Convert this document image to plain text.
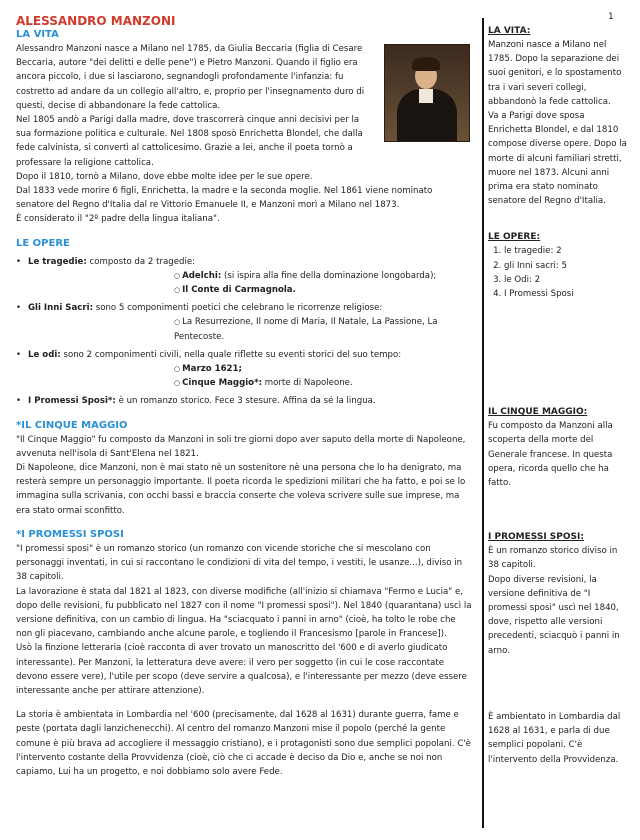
1
ALESSANDRO MANZONI
LA VITA

Alessandro Manzoni nasce a Milano nel 1785, da Giulia Beccaria (figlia di Cesare Beccaria, autore "dei delitti e delle pene") e Pietro Manzoni. Quando il figlio era ancora piccolo, i due si lasciarono, segnandogli profondamente l'infanzia: fu costretto ad andare da un collegio all'altro, e, proprio per l'insegnamento duro di questi, decise di abbandonare la fede cattolica.

Nel 1805 andò a Parigi dalla madre, dove trascorrerà cinque anni decisivi per la sua formazione politica e culturale. Nel 1808 sposò Enrichetta Blondel, che dalla fede calvinista, si convertì al cattolicesimo. Grazie a lei, anche il poeta tornò a professare la religione cattolica.

Dopo il 1810, tornò a Milano, dove ebbe molte idee per le sue opere.

Dal 1833 vede morire 6 figli, Enrichetta, la madre e la seconda moglie. Nel 1861 viene nominato senatore del Regno d'Italia dal re Vittorio Emanuele II, e Manzoni morì a Milano nel 1873.

È considerato il "2º padre della lingua italiana".

LE OPERE
• Le tragedie: composto da 2 tragedie:
○ Adelchi: (si ispira alla fine della dominazione longobarda);
○ Il Conte di Carmagnola.
• Gli Inni Sacri: sono 5 componimenti poetici che celebrano le ricorrenze religiose:
○ La Resurrezione, Il nome di Maria, Il Natale, La Passione, La Pentecoste.
• Le odi: sono 2 componimenti civili, nella quale riflette su eventi storici del suo tempo:
○ Marzo 1621;
○ Cinque Maggio*: morte di Napoleone.
• I Promessi Sposi*: è un romanzo storico. Fece 3 stesure. Affina da sé la lingua.
*IL CINQUE MAGGIO

"Il Cinque Maggio" fu composto da Manzoni in soli tre giorni dopo aver saputo della morte di Napoleone, avvenuta nell'isola di Sant'Elena nel 1821.

Di Napoleone, dice Manzoni, non è mai stato nè un sostenitore nè una persona che lo ha denigrato, ma resterà sempre un personaggio importante. Il poeta ricorda le spedizioni militari che ha fatto, e poi se lo immagina sulla scrivania, con occhi bassi e braccia conserte che voleva scrivere sulle sue imprese, ma era stato ormai sconfitto.

*I PROMESSI SPOSI

"I promessi sposi" è un romanzo storico (un romanzo con vicende storiche che si mescolano con personaggi inventati, in cui si raccontano le condizioni di vita del tempo, i vestiti, le usanze...), diviso in 38 capitoli.

La lavorazione è stata dal 1821 al 1823, con diverse modifiche (all'inizio si chiamava "Fermo e Lucia" e, dopo delle revisioni, fu pubblicato nel 1827 con il nome "I promessi sposi"). Nel 1840 (quarantana) uscì la versione definitiva, con un cambio di lingua. Ha "sciacquato i panni in arno" (cioè, ha tolto le robe che non gli piacevano, cambiando anche alcune parole, e togliendo il Francesismo [parole in Francese]).

Usò la finzione letteraria (cioè racconta di aver trovato un manoscritto del '600 e di averlo giudicato interessante). Per Manzoni, la letteratura deve avere: il vero per soggetto (in cui le cose raccontate devono essere vere), l'utile per scopo (deve servire a qualcosa), e l'interessante per mezzo (deve essere interessante anche per attirare attenzione).

La storia è ambientata in Lombardia nel '600 (precisamente, dal 1628 al 1631) durante guerra, fame e peste (portata dagli lanzichenecchi). Al centro del romanzo Manzoni mise il popolo (perché la gente comune è più brava ad accogliere il messaggio cristiano), e i protagonisti sono due semplici popolani. C'è l'intervento costante della Provvidenza (cioè, ciò che ci accade è deciso da Dio e, anche se noi non capiamo, Lui ha un progetto, e noi dobbiamo solo avere Fede.

LA VITA:

Manzoni nasce a Milano nel 1785. Dopo la separazione dei suoi genitori, e lo spostamento tra i vari severi collegi, abbandonò la fede cattolica.

Va a Parigi dove sposa Enrichetta Blondel, e dal 1810 compose diverse opere. Dopo la morte di alcuni familiari stretti, muore nel 1873. Alcuni anni prima era stato nominato senatore del Regno d'Italia.

LE OPERE:
1. le tragedie: 2
2. gli Inni sacri: 5
3. le Odi: 2
4. I Promessi Sposi
IL CINQUE MAGGIO:

Fu composto da Manzoni alla scoperta della morte del Generale francese. In questa opera, ricorda quello che ha fatto.

I PROMESSI SPOSI:

È un romanzo storico diviso in 38 capitoli.

Dopo diverse revisioni, la versione definitiva de "I promessi sposi" uscì nel 1840, dove, rispetto alle versioni precedenti, sciacquò i panni in arno.

È ambientato in Lombardia dal 1628 al 1631, e parla di due semplici popolani. C'è l'intervento della Provvidenza.
